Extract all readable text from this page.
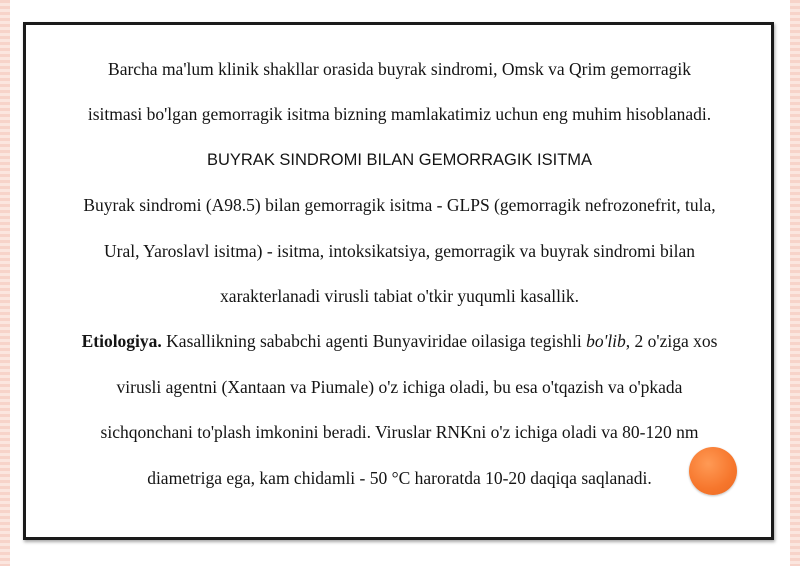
Barcha ma'lum klinik shakllar orasida buyrak sindromi, Omsk va Qrim gemorragik

isitmasi bo'lgan gemorragik isitma bizning mamlakatimiz uchun eng muhim hisoblanadi.

BUYRAK SINDROMI BILAN GEMORRAGIK ISITMA

Buyrak sindromi (A98.5) bilan gemorragik isitma - GLPS (gemorragik nefrozonefrit, tula,

Ural, Yaroslavl isitma) - isitma, intoksikatsiya, gemorragik va buyrak sindromi bilan

xarakterlanadi virusli tabiat o'tkir yuqumli kasallik.

Etiologiya. Kasallikning sababchi agenti Bunyaviridae oilasiga tegishli bo'lib, 2 o'ziga xos

virusli agentni (Xantaan va Piumale) o'z ichiga oladi, bu esa o'tqazish va o'pkada

sichqonchani to'plash imkonini beradi. Viruslar RNKni o'z ichiga oladi va 80-120 nm

diametriga ega, kam chidamli - 50 °C haroratda 10-20 daqiqa saqlanadi.
